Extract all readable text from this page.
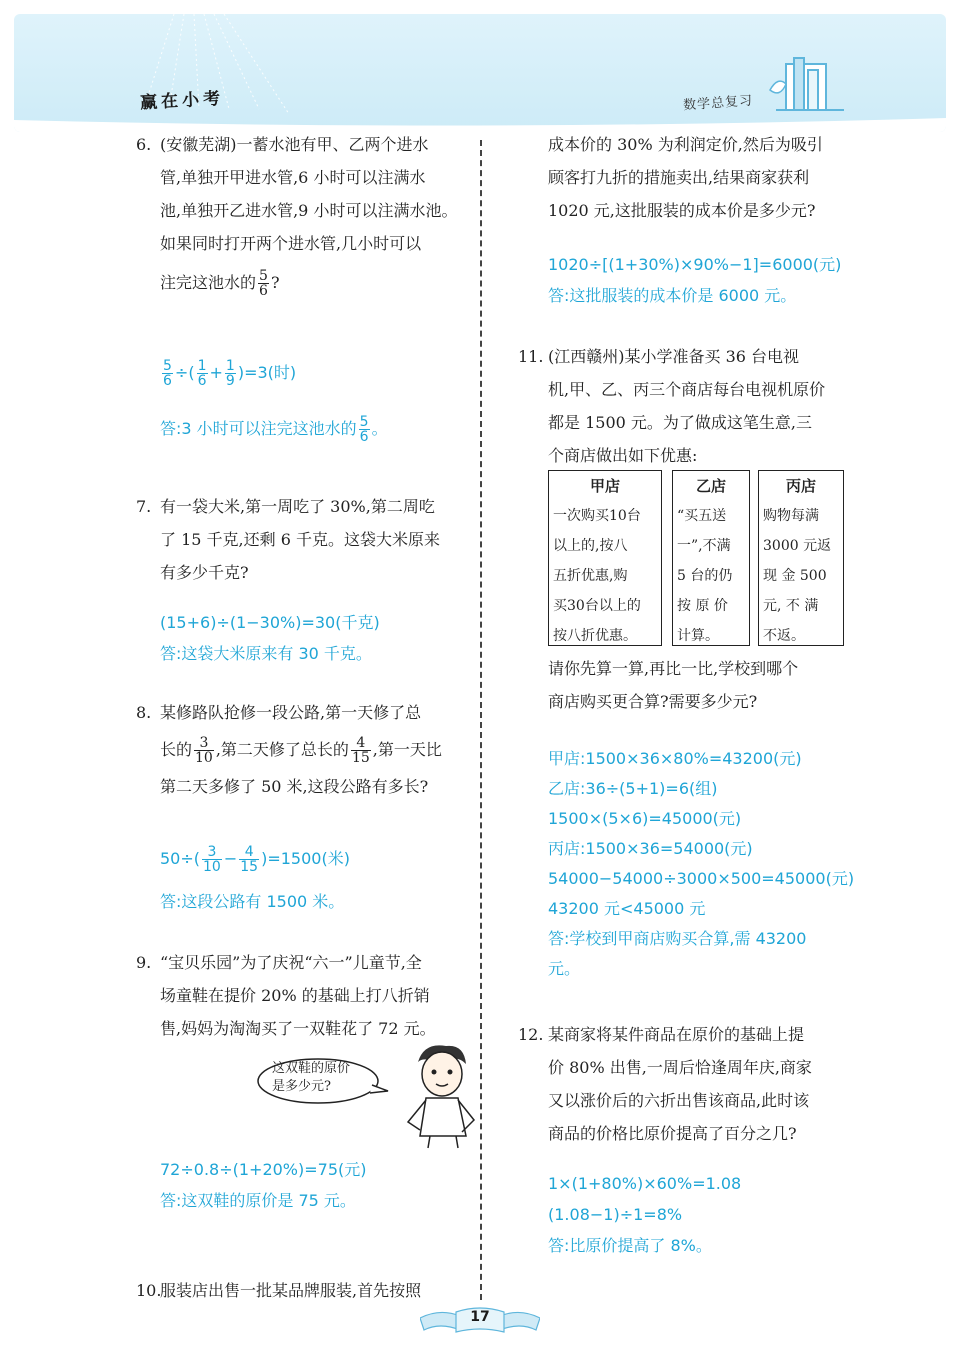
赢在小考	数学总复习
6. (安徽芜湖)一蓄水池有甲、乙两个进水
管,单独开甲进水管,6 小时可以注满水
池,单独开乙进水管,9 小时可以注满水池。
如果同时打开两个进水管,几小时可以
注完这池水的 $\frac{5}{6}$ ?
$\frac{5}{6}$ ÷( $\frac{1}{6} + \frac{1}{9} )=3$(时)
答:3 小时可以注完这池水的 $\frac{5}{6}$ 。
7. 有一袋大米,第一周吃了 30%,第二周吃
了 15 千克,还剩 6 千克。这袋大米原来
有多少千克?
(15+6)÷(1−30%)=30(千克)
答:这袋大米原来有 30 千克。
8. 某修路队抢修一段公路,第一天修了总
长的 $\frac{3}{10}$ ,第二天修了总长的 $\frac{4}{15}$ ,第一天比
第二天多修了 50 米,这段公路有多长?
$50\div( \frac{3}{10} - \frac{4}{15} )=1500$(米)
答:这段公路有 1500 米。
9. “宝贝乐园”为了庆祝“六一”儿童节,全
场童鞋在提价 20% 的基础上打八折销
售,妈妈为淘淘买了一双鞋花了 72 元。
这双鞋的原价
是多少元?
72÷0.8÷(1+20%)=75(元)
答:这双鞋的原价是 75 元。
10.
服装店出售一批某品牌服装,首先按照
成本价的 30% 为利润定价,然后为吸引
顾客打九折的措施卖出,结果商家获利
1020 元,这批服装的成本价是多少元?
1020÷[(1+30%)×90%−1]=6000(元)
答:这批服装的成本价是 6000 元。
11. (江西赣州)某小学准备买 36 台电视
机,甲、乙、丙三个商店每台电视机原价
都是 1500 元。为了做成这笔生意,三
个商店做出如下优惠:
甲店
一次购买10台
以上的,按八
五折优惠,购
买30台以上的
按八折优惠。
乙店
“买五送
一”,不满
5 台的仍
按 原 价
计算。
丙店
购物每满
3000 元返
现 金 500
元, 不 满
不返。
请你先算一算,再比一比,学校到哪个
商店购买更合算?需要多少元?
甲店:1500×36×80%=43200(元)
乙店:36÷(5+1)=6(组)
1500×(5×6)=45000(元)
丙店:1500×36=54000(元)
54000−54000÷3000×500=45000(元)
43200 元<45000 元
答:学校到甲商店购买合算,需 43200
元。
12. 某商家将某件商品在原价的基础上提
价 80% 出售,一周后恰逢周年庆,商家
又以涨价后的六折出售该商品,此时该
商品的价格比原价提高了百分之几?
1×(1+80%)×60%=1.08
(1.08−1)÷1=8%
答:比原价提高了 8%。
17
